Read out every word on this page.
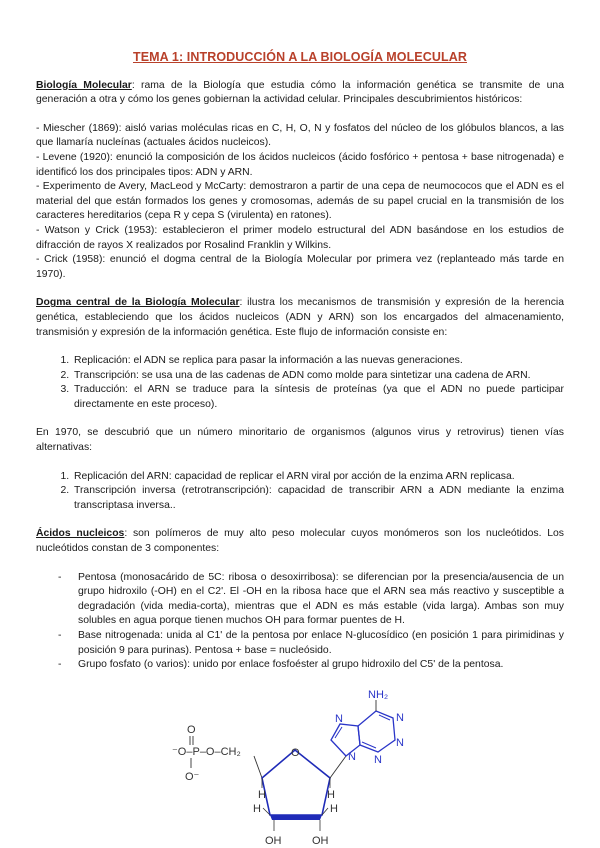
TEMA 1: INTRODUCCIÓN A LA BIOLOGÍA MOLECULAR

Biología Molecular: rama de la Biología que estudia cómo la información genética se transmite de una generación a otra y cómo los genes gobiernan la actividad celular. Principales descubrimientos históricos:

- Miescher (1869): aisló varias moléculas ricas en C, H, O, N y fosfatos del núcleo de los glóbulos blancos, a las que llamaría nucleínas (actuales ácidos nucleicos).

- Levene (1920): enunció la composición de los ácidos nucleicos (ácido fosfórico + pentosa + base nitrogenada) e identificó los dos principales tipos: ADN y ARN.

- Experimento de Avery, MacLeod y McCarty: demostraron a partir de una cepa de neumococos que el ADN es el material del que están formados los genes y cromosomas, además de su papel crucial en la transmisión de los caracteres hereditarios (cepa R y cepa S (virulenta) en ratones).

- Watson y Crick (1953): establecieron el primer modelo estructural del ADN basándose en los estudios de difracción de rayos X realizados por Rosalind Franklin y Wilkins.

- Crick (1958): enunció el dogma central de la Biología Molecular por primera vez (replanteado más tarde en 1970).

Dogma central de la Biología Molecular: ilustra los mecanismos de transmisión y expresión de la herencia genética, estableciendo que los ácidos nucleicos (ADN y ARN) son los encargados del almacenamiento, transmisión y expresión de la información genética. Este flujo de información consiste en:

1. Replicación: el ADN se replica para pasar la información a las nuevas generaciones.
2. Transcripción: se usa una de las cadenas de ADN como molde para sintetizar una cadena de ARN.
3. Traducción: el ARN se traduce para la síntesis de proteínas (ya que el ADN no puede participar directamente en este proceso).

En 1970, se descubrió que un número minoritario de organismos (algunos virus y retrovirus) tienen vías alternativas:

1. Replicación del ARN: capacidad de replicar el ARN viral por acción de la enzima ARN replicasa.
2. Transcripción inversa (retrotranscripción): capacidad de transcribir ARN a ADN mediante la enzima transcriptasa inversa..

Ácidos nucleicos: son polímeros de muy alto peso molecular cuyos monómeros son los nucleótidos. Los nucleótidos constan de 3 componentes:

- Pentosa (monosacárido de 5C: ribosa o desoxirribosa): se diferencian por la presencia/ausencia de un grupo hidroxilo (-OH) en el C2'. El -OH en la ribosa hace que el ARN sea más reactivo y susceptible a degradación (vida media-corta), mientras que el ADN es más estable (vida larga). Ambas son muy solubles en agua porque tienen muchos OH para formar puentes de H.
- Base nitrogenada: unida al C1' de la pentosa por enlace N-glucosídico (en posición 1 para pirimidinas y posición 9 para purinas). Pentosa + base = nucleósido.
- Grupo fosfato (o varios): unido por enlace fosfoéster al grupo hidroxilo del C5' de la pentosa.
⁻O–P–O–CH₂
O
O⁻
O
H	H
H	H
OH	OH
NH₂
N
N
N
N
N
